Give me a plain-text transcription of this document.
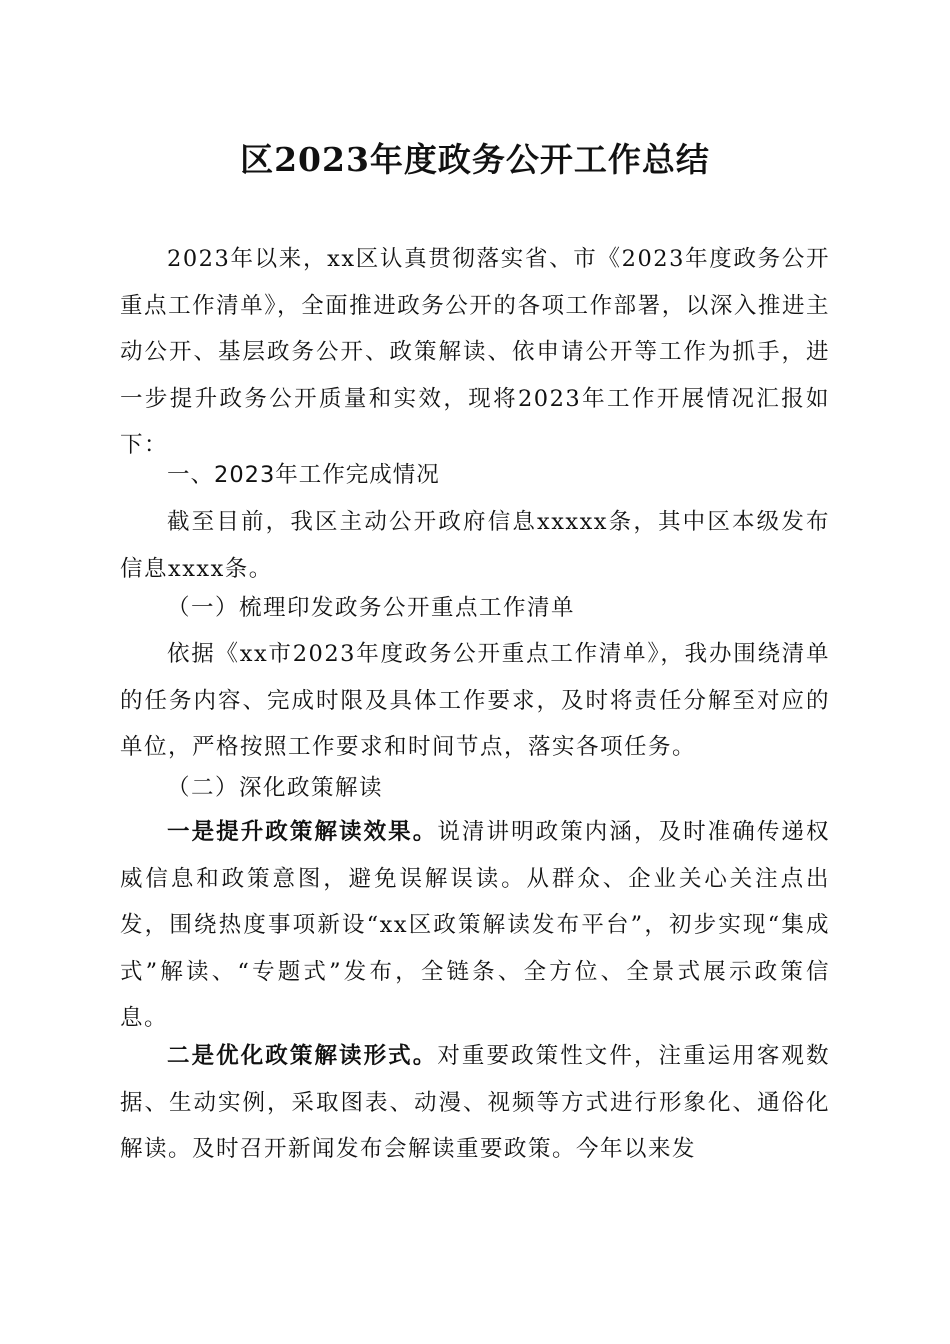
区2023年度政务公开工作总结

2023年以来，xx区认真贯彻落实省、市《2023年度政务公开重点工作清单》，全面推进政务公开的各项工作部署，以深入推进主动公开、基层政务公开、政策解读、依申请公开等工作为抓手，进一步提升政务公开质量和实效，现将2023年工作开展情况汇报如下：

一、2023年工作完成情况

截至目前，我区主动公开政府信息xxxxx条，其中区本级发布信息xxxx条。

（一）梳理印发政务公开重点工作清单

依据《xx市2023年度政务公开重点工作清单》，我办围绕清单的任务内容、完成时限及具体工作要求，及时将责任分解至对应的单位，严格按照工作要求和时间节点，落实各项任务。

（二）深化政策解读

一是提升政策解读效果。说清讲明政策内涵，及时准确传递权威信息和政策意图，避免误解误读。从群众、企业关心关注点出发，围绕热度事项新设“xx区政策解读发布平台”，初步实现“集成式”解读、“专题式”发布，全链条、全方位、全景式展示政策信息。

二是优化政策解读形式。对重要政策性文件，注重运用客观数据、生动实例，采取图表、动漫、视频等方式进行形象化、通俗化解读。及时召开新闻发布会解读重要政策。今年以来发
